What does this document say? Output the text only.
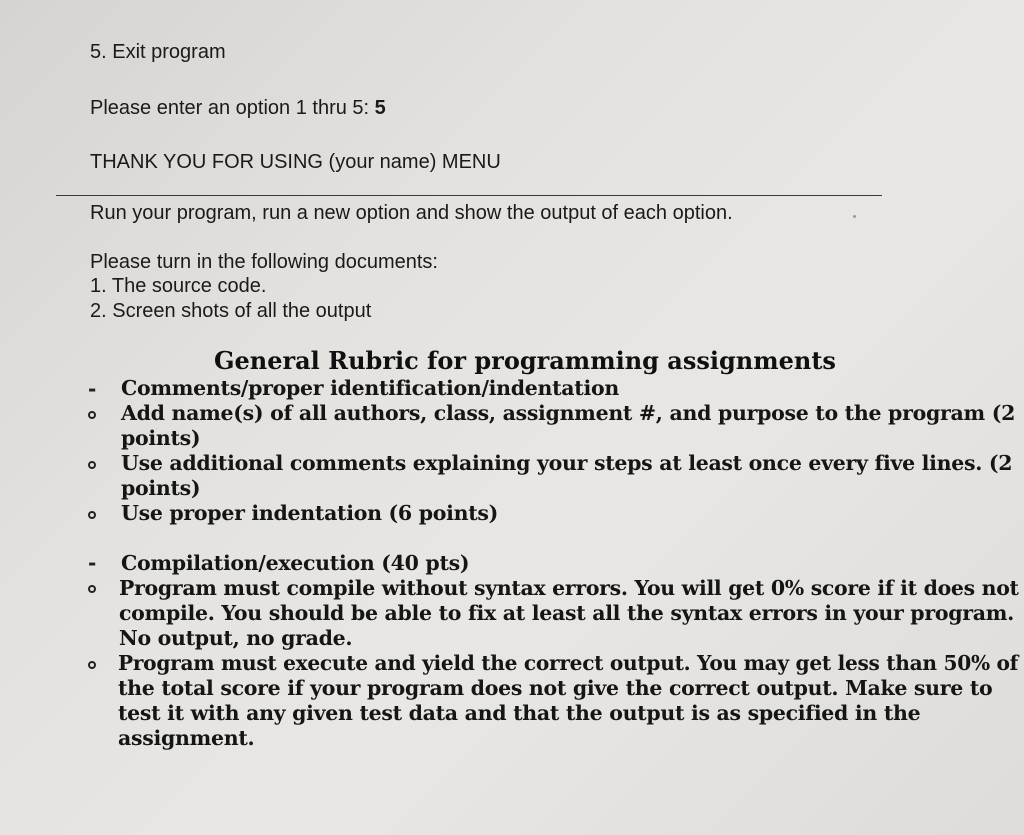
5. Exit program
Please enter an option 1 thru 5: 5
THANK YOU FOR USING (your name) MENU
Run your program, run a new option and show the output of each option.
Please turn in the following documents:
1. The source code.
2. Screen shots of all the output
General Rubric for programming assignments
- Comments/proper identification/indentation
Add name(s) of all authors, class, assignment #, and purpose to the program (2
points)
Use additional comments explaining your steps at least once every five lines. (2
points)
Use proper indentation (6 points)
- Compilation/execution (40 pts)
Program must compile without syntax errors. You will get 0% score if it does not
compile. You should be able to fix at least all the syntax errors in your program.
No output, no grade.
Program must execute and yield the correct output. You may get less than 50% of
the total score if your program does not give the correct output. Make sure to
test it with any given test data and that the output is as specified in the
assignment.
